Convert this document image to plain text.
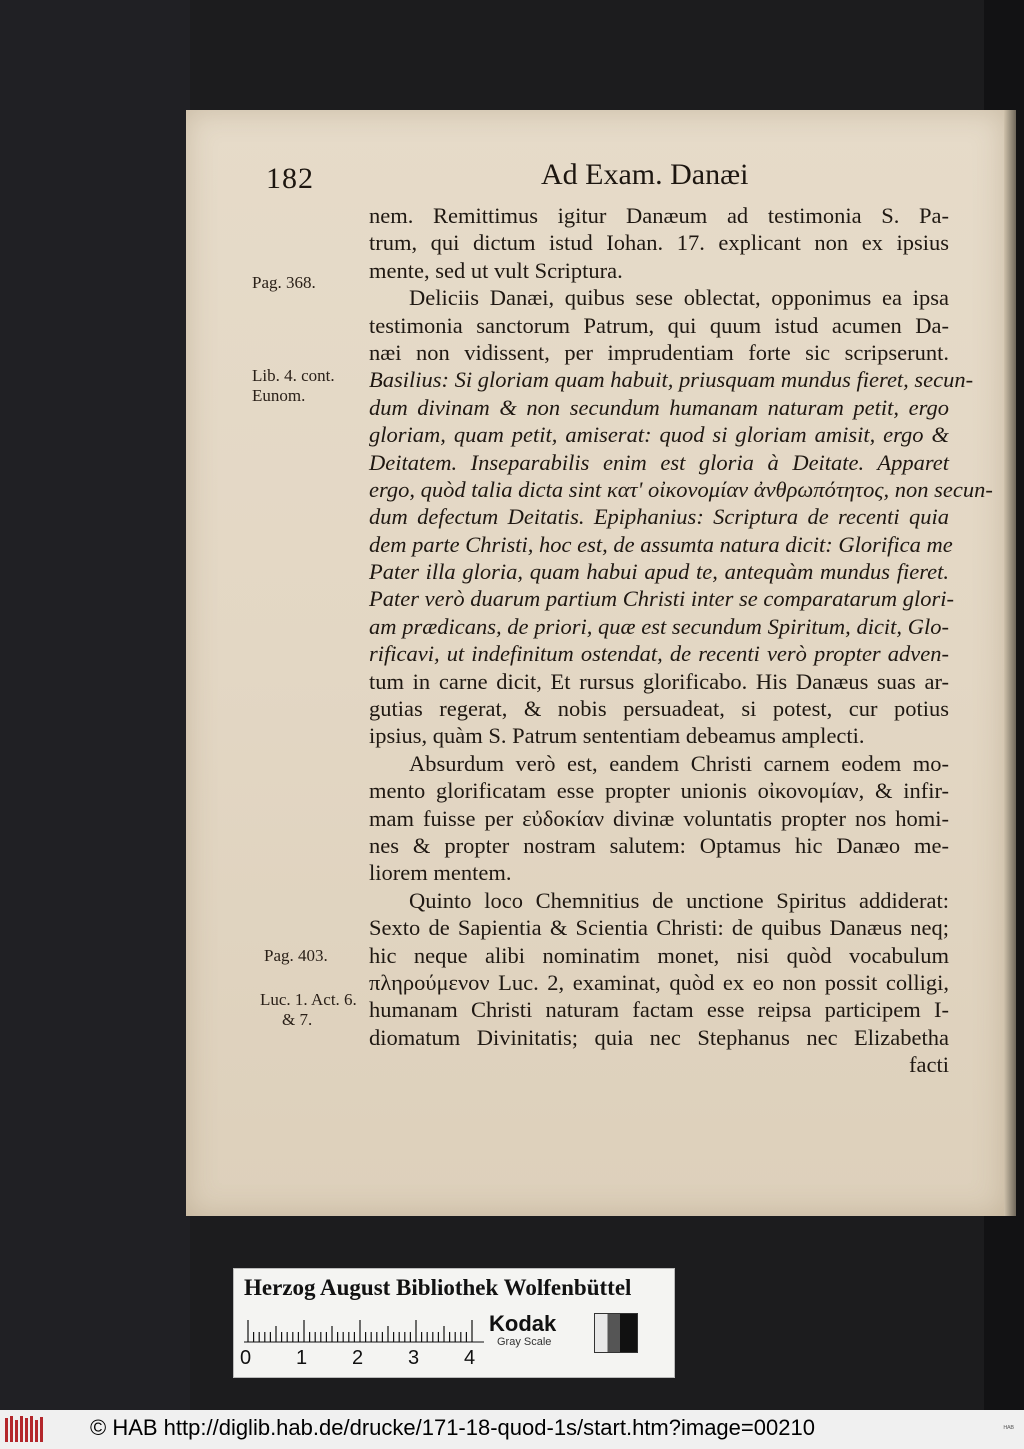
182	Ad Exam. Danæi
Pag. 368.
Lib. 4. cont.
Eunom.
Pag. 403.
Luc. 1. Act. 6.
& 7.
nem. Remittimus igitur Danæum ad testimonia S. Pa-
trum, qui dictum istud Iohan. 17. explicant non ex ipsius
mente, sed ut vult Scriptura.
Deliciis Danæi, quibus sese oblectat, opponimus ea ipsa
testimonia sanctorum Patrum, qui quum istud acumen Da-
næi non vidissent, per imprudentiam forte sic scripserunt.
Basilius: Si gloriam quam habuit, priusquam mundus fieret, secun-
dum divinam & non secundum humanam naturam petit, ergo
gloriam, quam petit, amiserat: quod si gloriam amisit, ergo &
Deitatem. Inseparabilis enim est gloria à Deitate. Apparet
ergo, quòd talia dicta sint κατ' οἰκονομίαν ἀνθρωπότητος, non secun-
dum defectum Deitatis. Epiphanius: Scriptura de recenti quia
dem parte Christi, hoc est, de assumta natura dicit: Glorifica me
Pater illa gloria, quam habui apud te, antequàm mundus fieret.
Pater verò duarum partium Christi inter se comparatarum glori-
am prædicans, de priori, quæ est secundum Spiritum, dicit, Glo-
rificavi, ut indefinitum ostendat, de recenti verò propter adven-
tum in carne dicit, Et rursus glorificabo. His Danæus suas ar-
gutias regerat, & nobis persuadeat, si potest, cur potius
ipsius, quàm S. Patrum sententiam debeamus amplecti.
Absurdum verò est, eandem Christi carnem eodem mo-
mento glorificatam esse propter unionis οἰκονομίαν, & infir-
mam fuisse per εὐδοκίαν divinæ voluntatis propter nos homi-
nes & propter nostram salutem: Optamus hic Danæo me-
liorem mentem.
Quinto loco Chemnitius de unctione Spiritus addiderat:
Sexto de Sapientia & Scientia Christi: de quibus Danæus neq;
hic neque alibi nominatim monet, nisi quòd vocabulum
πληρούμενον Luc. 2, examinat, quòd ex eo non possit colligi,
humanam Christi naturam factam esse reipsa participem I-
diomatum Divinitatis; quia nec Stephanus nec Elizabetha
facti
Herzog August Bibliothek Wolfenbüttel
0 1 2 3 4
Kodak
Gray Scale
© HAB http://diglib.hab.de/drucke/171-18-quod-1s/start.htm?image=00210	ᴴᴬᴮ
